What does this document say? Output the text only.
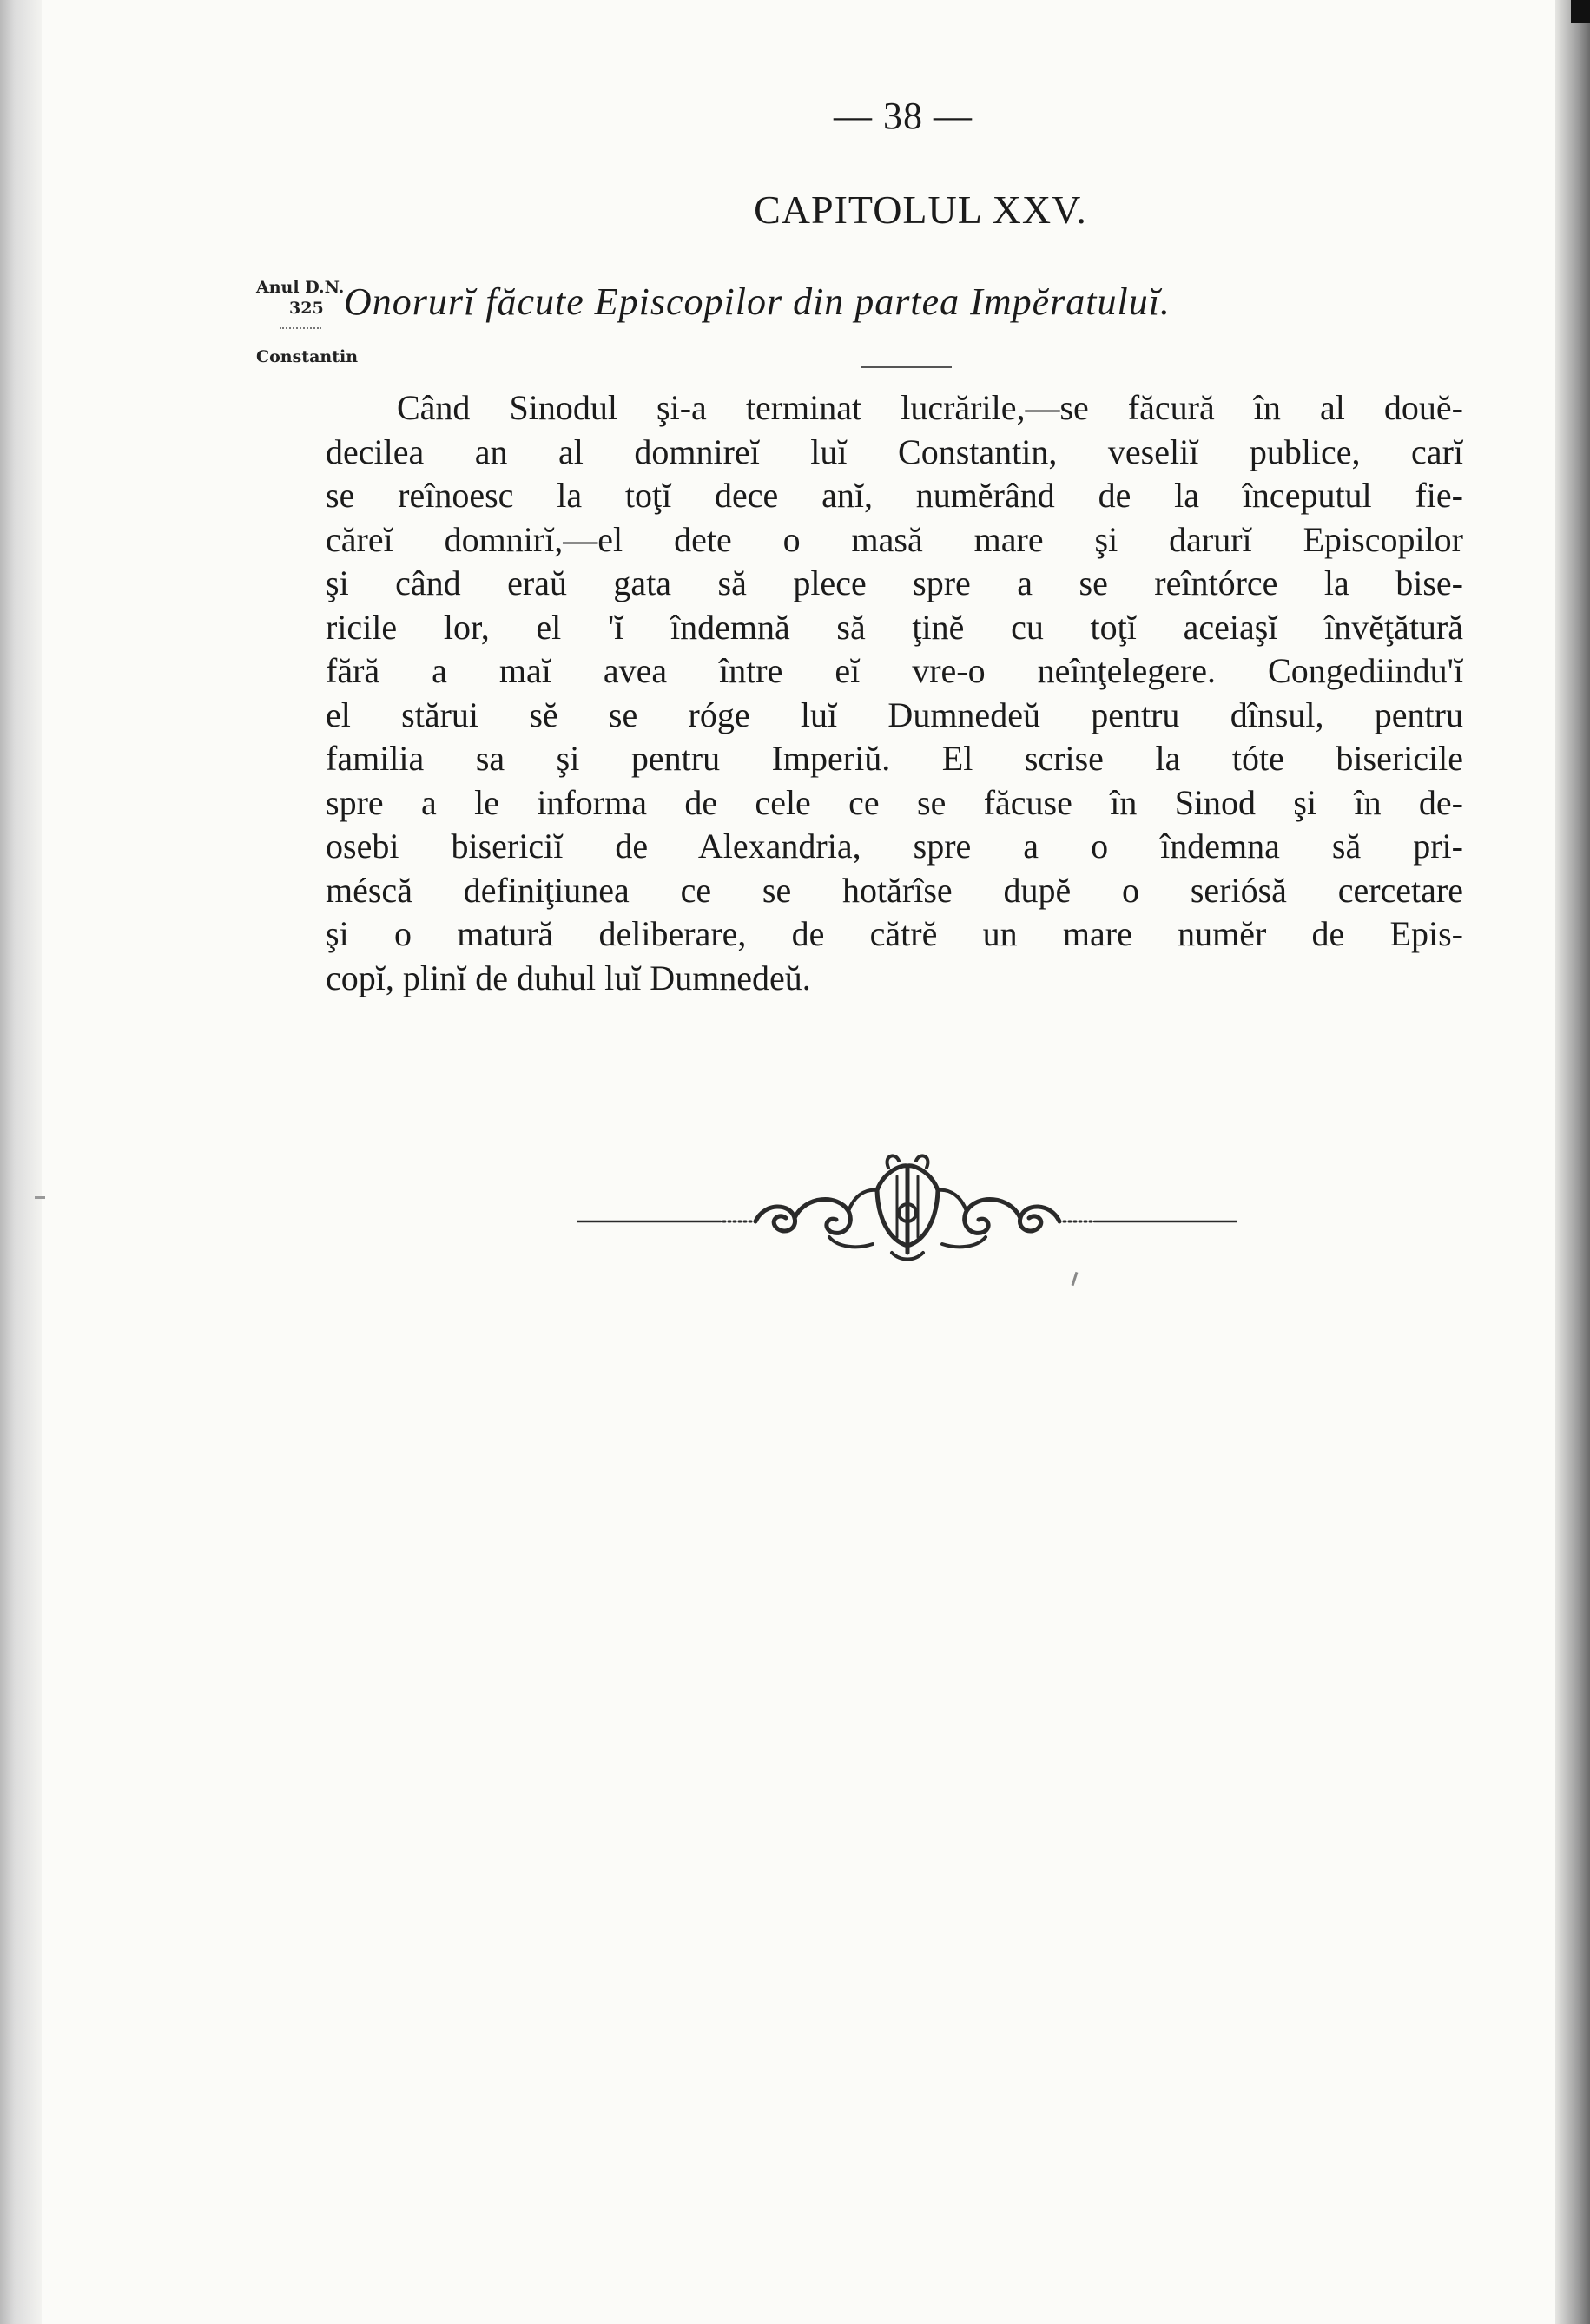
— 38 —
CAPITOLUL XXV.
Anul D.N.
325
Constantin
Onorurĭ făcute Episcopilor din partea Impĕratuluĭ.
Când Sinodul şi-a terminat lucrările,—se făcură în al douĕ-
decilea an al domnireĭ luĭ Constantin, veseliĭ publice, carĭ
se reînoesc la toţĭ dece anĭ, numĕrând de la începutul fie-
căreĭ domnirĭ,—el dete o masă mare şi darurĭ Episcopilor
şi când eraŭ gata să plece spre a se reîntórce la bise-
ricile lor, el 'ĭ îndemnă să ţinĕ cu toţĭ aceiaşĭ învĕţătură
fără a maĭ avea între eĭ vre-o neînţelegere. Congediindu'ĭ
el stărui sĕ se róge luĭ Dumnedeŭ pentru dînsul, pentru
familia sa şi pentru Imperiŭ. El scrise la tóte bisericile
spre a le informa de cele ce se făcuse în Sinod şi în de-
osebi bisericiĭ de Alexandria, spre a o îndemna să pri-
méscă definiţiunea ce se hotărîse dupĕ o seriósă cercetare
şi o matură deliberare, de cătrĕ un mare numĕr de Epis-
copĭ, plinĭ de duhul luĭ Dumnedeŭ.
